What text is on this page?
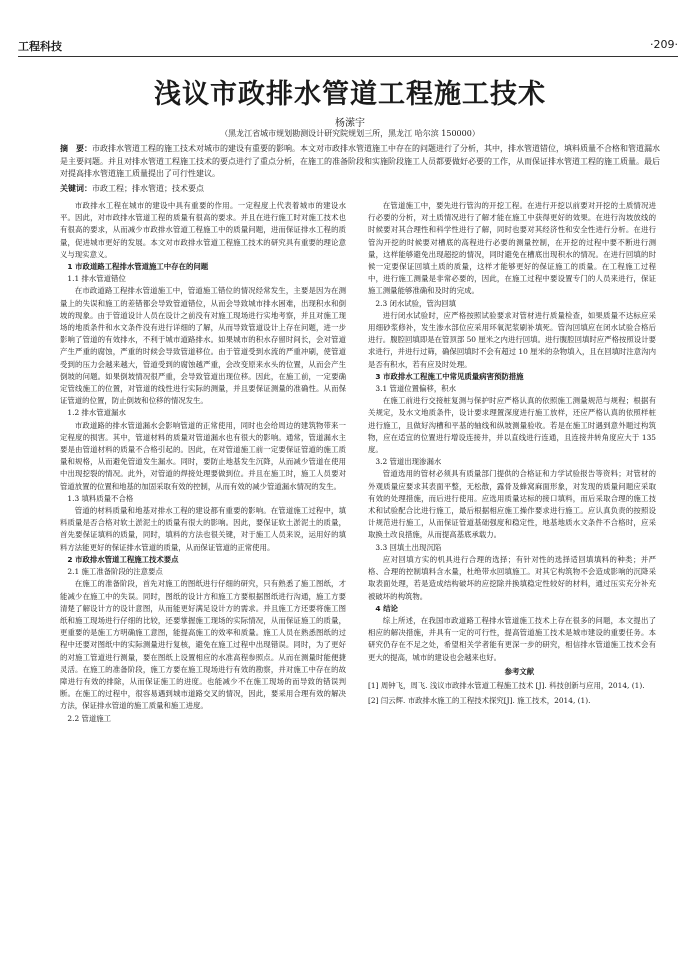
工程科技	·209·
浅议市政排水管道工程施工技术
杨潆宇
（黑龙江省城市规划勘测设计研究院规划三所，黑龙江 哈尔滨 150000）
摘　要：市政排水管道工程的施工技术对城市的建设有重要的影响。本文对市政排水管道施工中存在的问题进行了分析，其中，排水管道错位，填料质量不合格和管道漏水是主要问题。并且对排水管道工程施工技术的要点进行了重点分析，在施工的准备阶段和实施阶段施工人员都要做好必要的工作，从而保证排水管道工程的施工质量。最后对提高排水管道施工质量提出了可行性建议。
关键词：市政工程；排水管道；技术要点

市政排水工程在城市的建设中具有重要的作用。一定程度上代表着城市的建设水平。因此，对市政排水管道工程的质量有很高的要求。并且在进行施工时对施工技术也有很高的要求，从而减少市政排水管道工程施工中的质量问题，进而保证排水工程的质量，促进城市更好的发展。本文对市政排水管道工程施工技术的研究具有重要的理论意义与现实意义。

1 市政道路工程排水管道施工中存在的问题

1.1 排水管道错位

在市政道路工程排水管道施工中，管道施工错位的情况经常发生，主要是因为在测量上的失误和施工的差错都会导致管道错位，从而会导致城市排水困难，出现积水和倒坡的现象。由于管道设计人员在设计之前没有对施工现场进行实地考察，并且对施工现场的地质条件和水文条件没有进行详细的了解，从而导致管道设计上存在问题，进一步影响了管道的有效排水，不利于城市道路排水。如果城市的积水存留时间长，会对管道产生严重的腐蚀，严重的时候会导致管道移位。由于管道受到水流的严重冲刷，使管道受到的压力会越来越大，管道受到的腐蚀越严重，会改变原来水头的位置，从而会产生倒坡的问题。如果倒坡情况很严重，会导致管道出现位移。因此，在施工前，一定要确定管线施工的位置，对管道的线性进行实际的测量，并且要保证测量的准确性。从而保证管道的位置，防止倒坡和位移的情况发生。

1.2 排水管道漏水

市政道路的排水管道漏水会影响管道的正常使用，同时也会给周边的建筑物带来一定程度的损害。其中，管道材料的质量对管道漏水也有很大的影响。通常，管道漏水主要是由管道材料的质量不合格引起的。因此，在对管道施工前一定要保证管道的施工质量和规格，从而避免管道发生漏水。同时，要防止地基发生沉降，从而减少管道在使用中出现挖裂的情况。此外，对管道的焊接处理要做到位。并且在施工时，施工人员要对管道放置的位置和地基的加固采取有效的控制，从而有效的减少管道漏水情况的发生。

1.3 填料质量不合格

管道的材料质量和地基对排水工程的建设都有重要的影响。在管道施工过程中，填料质量是否合格对软土淤泥土的质量有很大的影响。因此，要保证软土淤泥土的质量，首先要保证填料的质量，同时，填料的方法也很关键，对于施工人员来说，运用好的填料方法能更好的保证排水管道的质量，从而保证管道的正常使用。

2 市政排水管道工程施工技术要点

2.1 施工准备阶段的注意要点

在施工的准备阶段，首先对施工的图纸进行仔细的研究，只有熟悉了施工图纸，才能减少在施工中的失误。同时，图纸的设计方和施工方要根据图纸进行沟通，施工方要清楚了解设计方的设计意图，从而能更好满足设计方的需求。并且施工方还要将施工图纸和施工现场进行仔细的比较，还要掌握施工现场的实际情况，从而保证施工的质量，更重要的是施工方明确施工意图，能提高施工的效率和质量。施工人员在熟悉图纸的过程中还要对图纸中的实际测量进行复核，避免在施工过程中出现错误。同时，为了更好的对施工管道进行测量，要在图纸上设置相应的水准高程参照点。从而在测量时能便捷灵活。在施工的准备阶段，施工方要在施工现场进行有效的勘察，并对施工中存在的故障进行有效的排除，从而保证施工的进度。也能减少不在施工现场的而导致的错误判断。在施工的过程中，很容易遇到城市道路交叉的情况，因此，要采用合理有效的解决方法，保证排水管道的施工质量和施工进度。

2.2 管道施工

在管道施工中，要先进行管沟的开挖工程。在进行开挖以前要对开挖的土质情况进行必要的分析，对土质情况进行了解才能在施工中获得更好的效果。在进行沟坡放线的时候要对其合理性和科学性进行了解，同时也要对其经济性和安全性进行分析。在进行管沟开挖的时候要对槽底的高程进行必要的测量控制，在开挖的过程中要不断进行测量，这样能够避免出现超挖的情况，同时避免在槽底出现积水的情况。在进行回填的时候一定要保证回填土质的质量，这样才能够更好的保证施工的质量。在工程施工过程中，进行施工测量是非常必要的，因此，在施工过程中要设置专门的人员来进行，保证施工测量能够准确和及时的完成。

2.3 闭水试验，管沟回填

进行闭水试验时，应严格按照试验要求对管材进行质量检查，如果质量不达标应采用细砂浆修补，发生渗水部位应采用环氧泥浆刷补填死。管沟回填应在闭水试验合格后进行。腹腔回填即是在管顶部 50 厘米之内进行回填。进行腹腔回填时应严格按照设计要求进行，并进行过筛，确保回填时不会有超过 10 厘米的杂物填入，且在回填时注意沟内是否有积水，若有应及时处理。

3 市政排水工程施工中常见质量病害预防措施

3.1 管道位置偏移，积水

在施工前进行交接桩复测与保护时应严格认真的依照施工测量规范与规程；根据有关规定，及水文地质条件，设计要求理置深度进行施工放样，还应严格认真的依照样桩进行施工，且做好沟槽和平基的轴线和纵坡测量验收。若是在施工时遇到意外题过构筑物，应在适宜的位置进行增设连接井，并以直线进行连通，且连接井转角度应大于 135 度。

3.2 管道出现渗漏水

管道选用的管材必须具有质量部门提供的合格证和力学试验报告等资料；对管材的外观质量应要求其表面平整，无松散，露骨及蜂窝麻面形象，对发现的质量问题应采取有效的处理措施，而后进行使用。应选用质量达标的接口填料，而后采取合理的施工技术和试验配合比进行施工，最后根据相应施工操作要求进行施工。应认真负责的按照设计规范进行施工，从而保证管道基础强度和稳定性，地基地质水文条件不合格时，应采取换土改良措施，从而提高基底承载力。

3.3 回填土出现沉陷

应对回填方实的机具进行合理的选择；有针对性的选择适回填填料的种类；并严格、合理的控制填料含水量，杜绝带水回填施工。对其它构筑物不会造成影响的沉降采取表面处理，若是造成结构破坏的应挖除并换填稳定性较好的材料，通过压实充分补充被破坏的构筑物。

4 结论

综上所述，在我国市政道路工程排水管道施工技术上存在很多的问题，本文提出了相应的解决措施，并具有一定的可行性，提高管道施工技术是城市建设的重要任务。本研究仍存在不足之处，希望相关学者能有更深一步的研究，相信排水管道施工技术会有更大的提高，城市的建设也会越来也好。

参考文献

[1] 周钟飞，周飞. 浅议市政排水管道工程施工技术 [J]. 科技创新与应用，2014, (1).

[2] 闫云辉. 市政排水施工的工程技术探究[J]. 施工技术，2014, (1).
